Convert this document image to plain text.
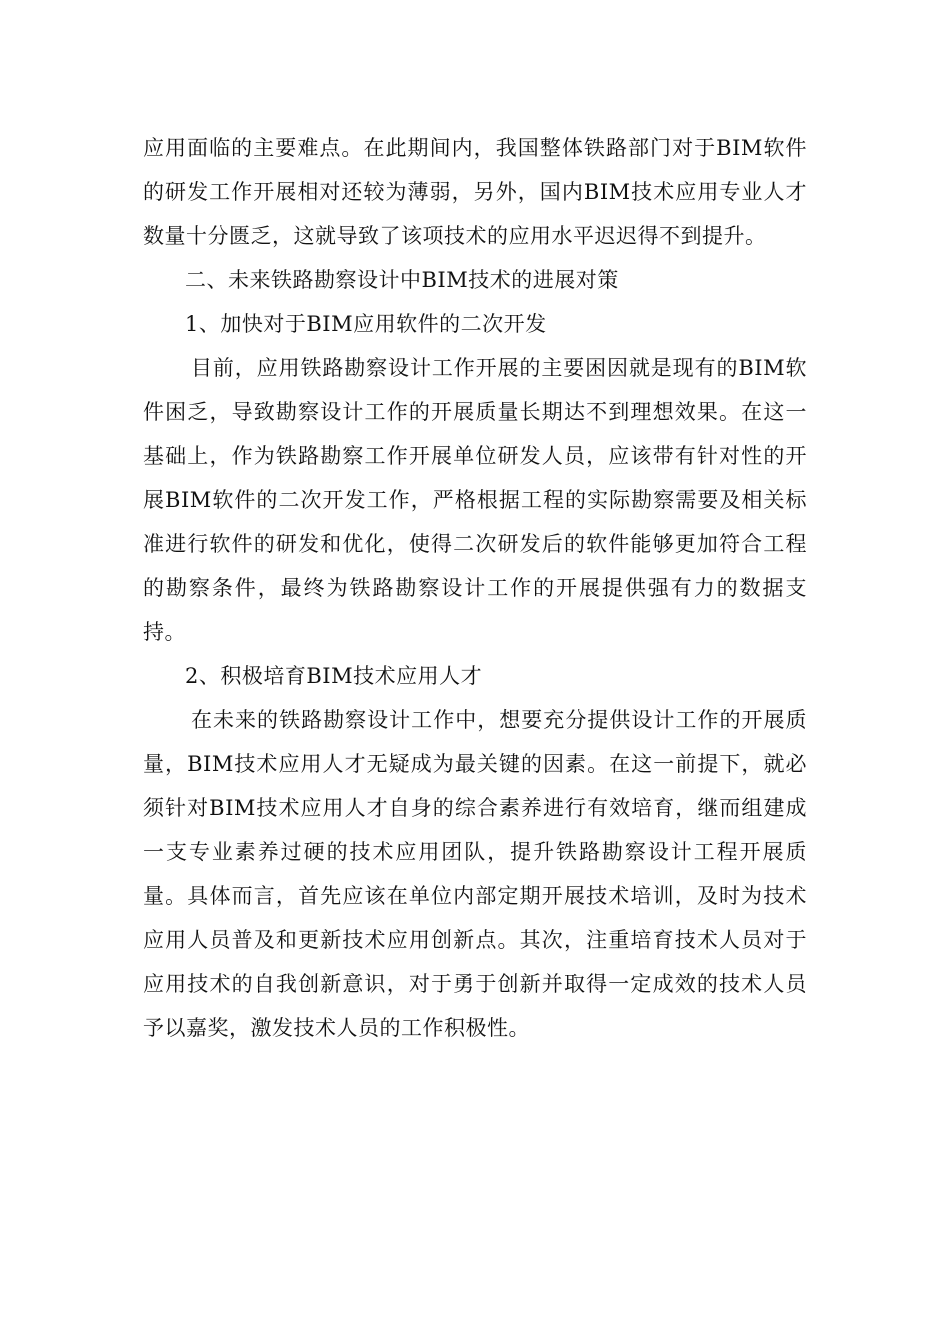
应用面临的主要难点。在此期间内，我国整体铁路部门对于BIM软件的研发工作开展相对还较为薄弱，另外，国内BIM技术应用专业人才数量十分匮乏，这就导致了该项技术的应用水平迟迟得不到提升。

二、未来铁路勘察设计中BIM技术的进展对策

1、加快对于BIM应用软件的二次开发

目前，应用铁路勘察设计工作开展的主要困因就是现有的BIM软件困乏，导致勘察设计工作的开展质量长期达不到理想效果。在这一基础上，作为铁路勘察工作开展单位研发人员，应该带有针对性的开展BIM软件的二次开发工作，严格根据工程的实际勘察需要及相关标准进行软件的研发和优化，使得二次研发后的软件能够更加符合工程的勘察条件，最终为铁路勘察设计工作的开展提供强有力的数据支持。

2、积极培育BIM技术应用人才

在未来的铁路勘察设计工作中，想要充分提供设计工作的开展质量，BIM技术应用人才无疑成为最关键的因素。在这一前提下，就必须针对BIM技术应用人才自身的综合素养进行有效培育，继而组建成一支专业素养过硬的技术应用团队，提升铁路勘察设计工程开展质量。具体而言，首先应该在单位内部定期开展技术培训，及时为技术应用人员普及和更新技术应用创新点。其次，注重培育技术人员对于应用技术的自我创新意识，对于勇于创新并取得一定成效的技术人员予以嘉奖，激发技术人员的工作积极性。
